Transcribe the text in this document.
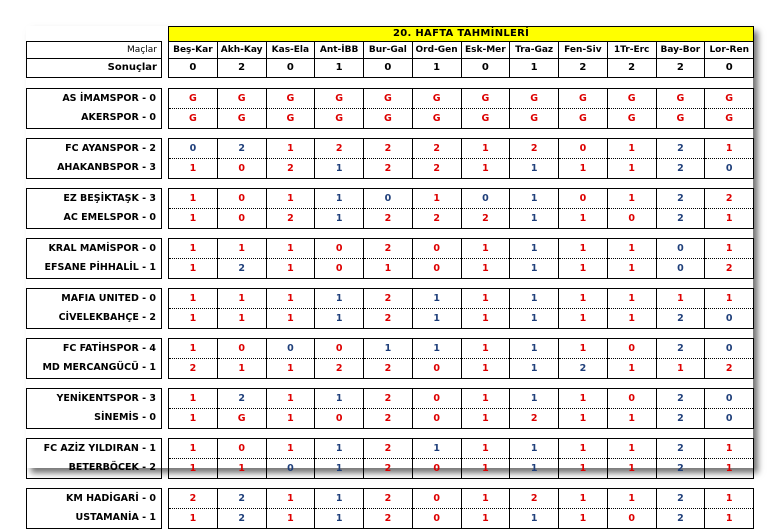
		20. HAFTA TAHMİNLERİ											
Maçlar		Beş-Kar	Akh-Kay	Kas-Ela	Ant-İBB	Bur-Gal	Ord-Gen	Esk-Mer	Tra-Gaz	Fen-Siv	1Tr-Erc	Bay-Bor	Lor-Ren
Sonuçlar		0	2	0	1	0	1	0	1	2	2	2	0

AS İMAMSPOR - 0		G	G	G	G	G	G	G	G	G	G	G	G
AKERSPOR - 0		G	G	G	G	G	G	G	G	G	G	G	G

FC AYANSPOR - 2		0	2	1	2	2	2	1	2	0	1	2	1
AHAKANBSPOR - 3		1	0	2	1	2	2	1	1	1	1	2	0

EZ BEŞİKTAŞK - 3		1	0	1	1	0	1	0	1	0	1	2	2
AC EMELSPOR - 0		1	0	2	1	2	2	2	1	1	0	2	1

KRAL MAMİSPOR - 0		1	1	1	0	2	0	1	1	1	1	0	1
EFSANE PİHHALİL - 1		1	2	1	0	1	0	1	1	1	1	0	2

MAFIA UNITED - 0		1	1	1	1	2	1	1	1	1	1	1	1
CİVELEKBAHÇE - 2		1	1	1	1	2	1	1	1	1	1	2	0

FC FATİHSPOR - 4		1	0	0	0	1	1	1	1	1	0	2	0
MD MERCANGÜCÜ - 1		2	1	1	2	2	0	1	1	2	1	1	2

YENİKENTSPOR - 3		1	2	1	1	2	0	1	1	1	0	2	0
SİNEMİS - 0		1	G	1	0	2	0	1	2	1	1	2	0

FC AZİZ YILDIRAN - 1		1	0	1	1	2	1	1	1	1	1	2	1
BETERBÖCEK - 2		1	1	0	1	2	0	1	1	1	1	2	1

KM HADİGARİ - 0		2	2	1	1	2	0	1	2	1	1	2	1
USTAMANİA - 1		1	2	1	1	2	0	1	1	1	0	2	1
